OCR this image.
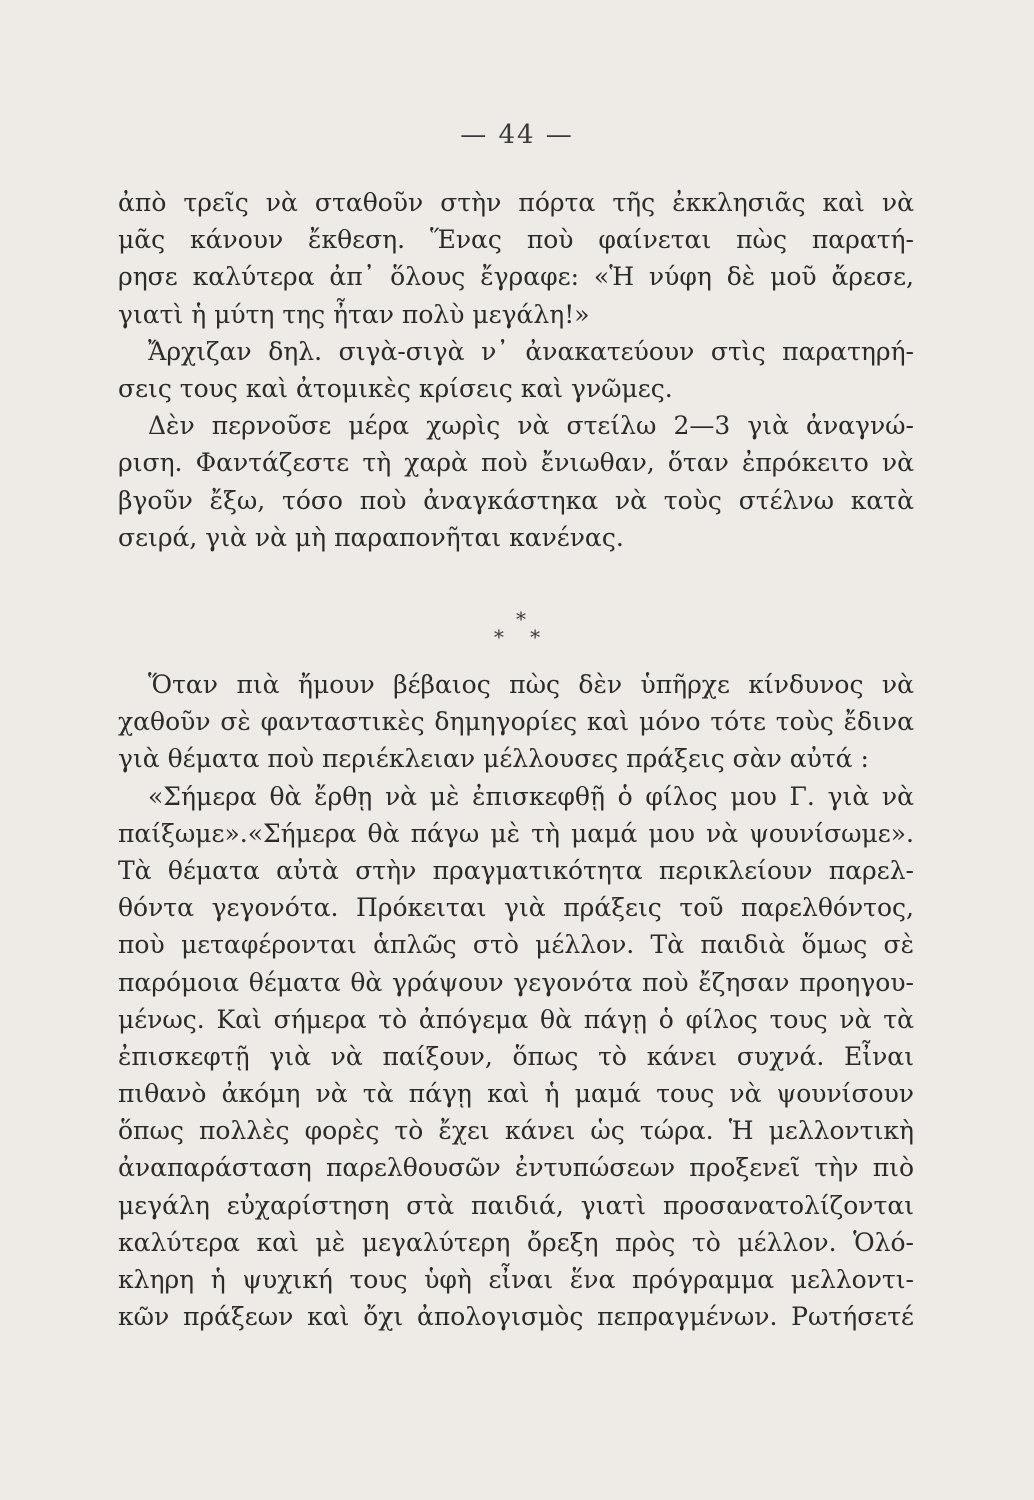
— 44 —
ἀπὸ τρεῖς νὰ σταθοῦν στὴν πόρτα τῆς ἐκκλησιᾶς καὶ νὰ
μᾶς κάνουν ἔκθεση. Ἕνας ποὺ φαίνεται πὼς παρατή-
ρησε καλύτερα ἀπ᾽ ὅλους ἔγραφε: «Ἡ νύφη δὲ μοῦ ἄρεσε,
γιατὶ ἡ μύτη της ἦταν πολὺ μεγάλη!»
Ἄρχιζαν δηλ. σιγὰ-σιγὰ ν᾽ ἀνακατεύουν στὶς παρατηρή-
σεις τους καὶ ἀτομικὲς κρίσεις καὶ γνῶμες.
Δὲν περνοῦσε μέρα χωρὶς νὰ στείλω 2—3 γιὰ ἀναγνώ-
ριση. Φαντάζεστε τὴ χαρὰ ποὺ ἔνιωθαν, ὅταν ἐπρόκειτο νὰ
βγοῦν ἔξω, τόσο ποὺ ἀναγκάστηκα νὰ τοὺς στέλνω κατὰ
σειρά, γιὰ νὰ μὴ παραπονῆται κανένας.
*
* *
Ὅταν πιὰ ἤμουν βέβαιος πὼς δὲν ὑπῆρχε κίνδυνος νὰ
χαθοῦν σὲ φανταστικὲς δημηγορίες καὶ μόνο τότε τοὺς ἔδινα
γιὰ θέματα ποὺ περιέκλειαν μέλλουσες πράξεις σὰν αὐτά :
«Σήμερα θὰ ἔρθῃ νὰ μὲ ἐπισκεφθῇ ὁ φίλος μου Γ. γιὰ νὰ
παίξωμε».«Σήμερα θὰ πάγω μὲ τὴ μαμά μου νὰ ψουνίσωμε».
Τὰ θέματα αὐτὰ στὴν πραγματικότητα περικλείουν παρελ-
θόντα γεγονότα. Πρόκειται γιὰ πράξεις τοῦ παρελθόντος,
ποὺ μεταφέρονται ἁπλῶς στὸ μέλλον. Τὰ παιδιὰ ὅμως σὲ
παρόμοια θέματα θὰ γράψουν γεγονότα ποὺ ἔζησαν προηγου-
μένως. Καὶ σήμερα τὸ ἀπόγεμα θὰ πάγῃ ὁ φίλος τους νὰ τὰ
ἐπισκεφτῇ γιὰ νὰ παίξουν, ὅπως τὸ κάνει συχνά. Εἶναι
πιθανὸ ἀκόμη νὰ τὰ πάγῃ καὶ ἡ μαμά τους νὰ ψουνίσουν
ὅπως πολλὲς φορὲς τὸ ἔχει κάνει ὡς τώρα. Ἡ μελλοντικὴ
ἀναπαράσταση παρελθουσῶν ἐντυπώσεων προξενεῖ τὴν πιὸ
μεγάλη εὐχαρίστηση στὰ παιδιά, γιατὶ προσανατολίζονται
καλύτερα καὶ μὲ μεγαλύτερη ὄρεξη πρὸς τὸ μέλλον. Ὁλό-
κληρη ἡ ψυχική τους ὑφὴ εἶναι ἕνα πρόγραμμα μελλοντι-
κῶν πράξεων καὶ ὄχι ἀπολογισμὸς πεπραγμένων. Ρωτήσετέ
